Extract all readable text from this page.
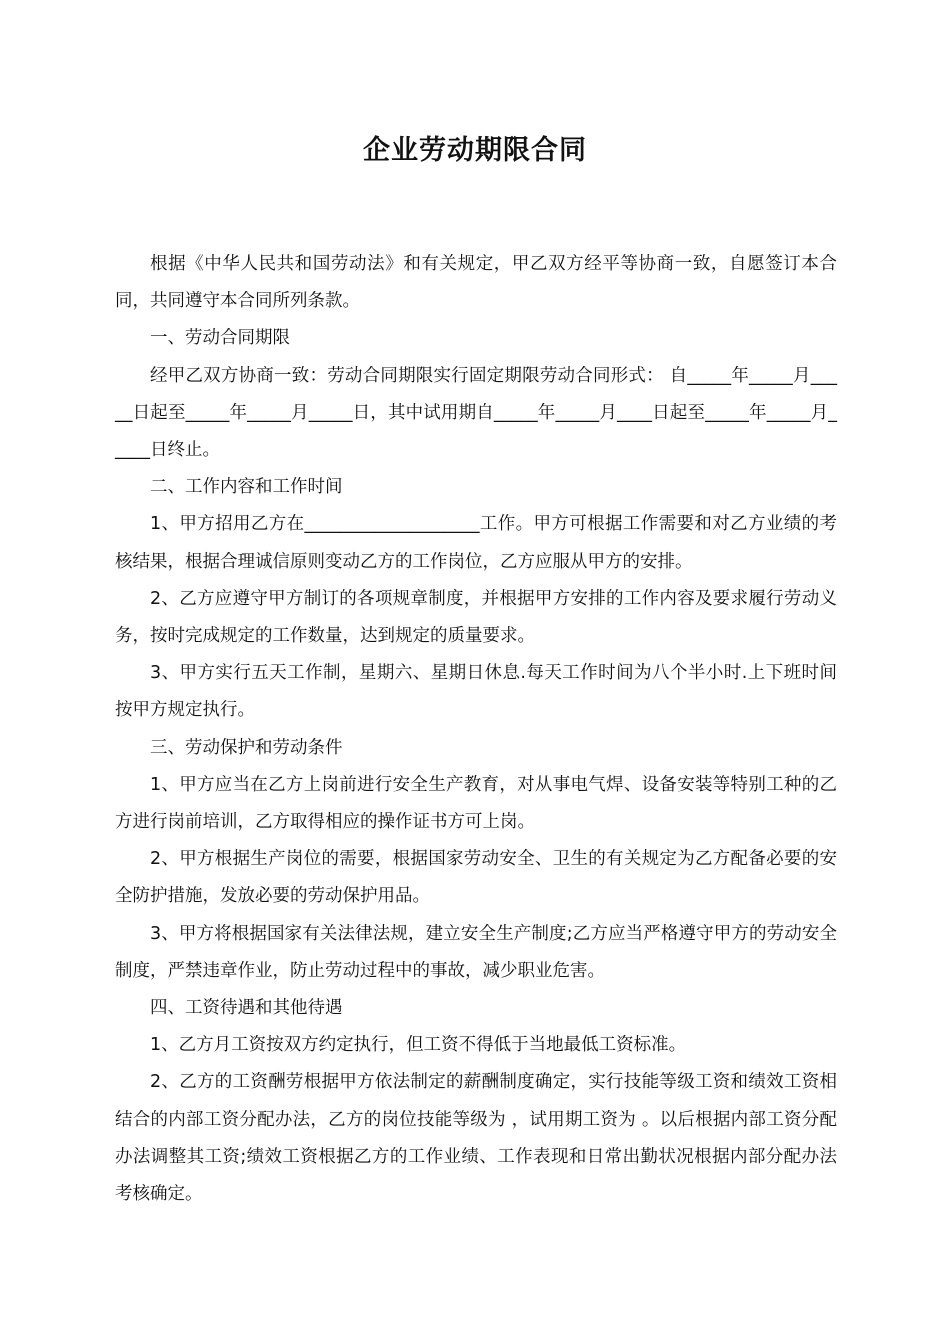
企业劳动期限合同

根据《中华人民共和国劳动法》和有关规定，甲乙双方经平等协商一致，自愿签订本合同，共同遵守本合同所列条款。

一、劳动合同期限

经甲乙双方协商一致：劳动合同期限实行固定期限劳动合同形式： 自_____年_____月_____日起至_____年_____月_____日，其中试用期自_____年_____月____日起至_____年_____月_____日终止。

二、工作内容和工作时间

1、甲方招用乙方在____________________工作。甲方可根据工作需要和对乙方业绩的考核结果，根据合理诚信原则变动乙方的工作岗位，乙方应服从甲方的安排。

2、乙方应遵守甲方制订的各项规章制度，并根据甲方安排的工作内容及要求履行劳动义务，按时完成规定的工作数量，达到规定的质量要求。

3、甲方实行五天工作制，星期六、星期日休息.每天工作时间为八个半小时.上下班时间按甲方规定执行。

三、劳动保护和劳动条件

1、甲方应当在乙方上岗前进行安全生产教育，对从事电气焊、设备安装等特别工种的乙方进行岗前培训，乙方取得相应的操作证书方可上岗。

2、甲方根据生产岗位的需要，根据国家劳动安全、卫生的有关规定为乙方配备必要的安全防护措施，发放必要的劳动保护用品。

3、甲方将根据国家有关法律法规，建立安全生产制度;乙方应当严格遵守甲方的劳动安全制度，严禁违章作业，防止劳动过程中的事故，减少职业危害。

四、工资待遇和其他待遇

1、乙方月工资按双方约定执行，但工资不得低于当地最低工资标准。

2、乙方的工资酬劳根据甲方依法制定的薪酬制度确定，实行技能等级工资和绩效工资相结合的内部工资分配办法，乙方的岗位技能等级为 ，试用期工资为 。以后根据内部工资分配办法调整其工资;绩效工资根据乙方的工作业绩、工作表现和日常出勤状况根据内部分配办法考核确定。
